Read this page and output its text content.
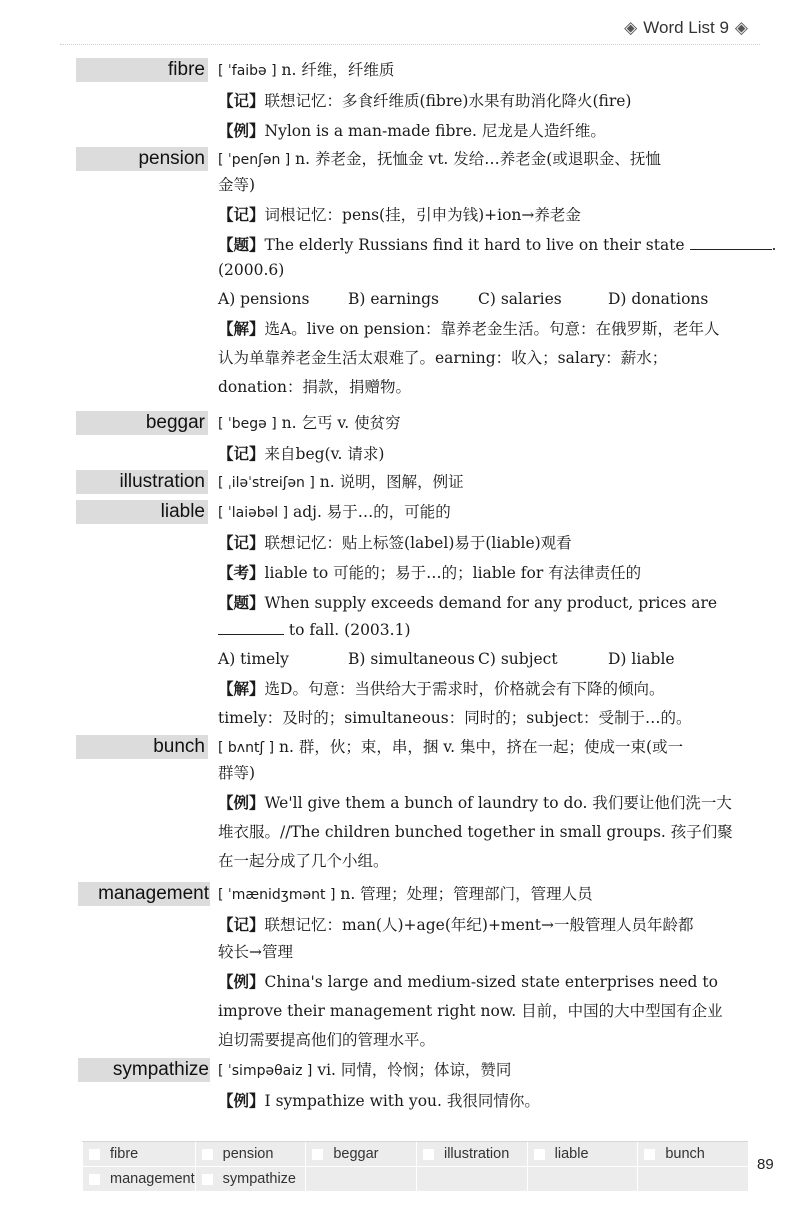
◈ Word List 9 ◈
fibre [ ˈfaibə ] n. 纤维，纤维质
【记】联想记忆：多食纤维质(fibre)水果有助消化降火(fire)
【例】Nylon is a man-made fibre. 尼龙是人造纤维。
pension [ ˈpenʃən ] n. 养老金，抚恤金 vt. 发给…养老金(或退职金、抚恤
金等)
【记】词根记忆：pens(挂，引申为钱)+ion→养老金
【题】The elderly Russians find it hard to live on their state	.
(2000.6)
A) pensions	B) earnings	C) salaries	D) donations
【解】选A。live on pension：靠养老金生活。句意：在俄罗斯，老年人
认为单靠养老金生活太艰难了。earning：收入；salary：薪水；
donation：捐款，捐赠物。
beggar [ ˈbegə ] n. 乞丐 v. 使贫穷
【记】来自beg(v. 请求)
illustration [ ˌiləˈstreiʃən ] n. 说明，图解，例证
liable [ ˈlaiəbəl ] adj. 易于…的，可能的
【记】联想记忆：贴上标签(label)易于(liable)观看
【考】liable to 可能的；易于…的；liable for 有法律责任的
【题】When supply exceeds demand for any product, prices are
to fall. (2003.1)
A) timely	B) simultaneous C) subject	D) liable
【解】选D。句意：当供给大于需求时，价格就会有下降的倾向。
timely：及时的；simultaneous：同时的；subject：受制于…的。
bunch [ bʌntʃ ] n. 群，伙；束，串，捆 v. 集中，挤在一起；使成一束(或一
群等)
【例】We'll give them a bunch of laundry to do. 我们要让他们洗一大
堆衣服。//The children bunched together in small groups. 孩子们聚
在一起分成了几个小组。
management [ ˈmænidʒmənt ] n. 管理；处理；管理部门，管理人员
【记】联想记忆：man(人)+age(年纪)+ment→一般管理人员年龄都
较长→管理
【例】China's large and medium-sized state enterprises need to
improve their management right now. 目前，中国的大中型国有企业
迫切需要提高他们的管理水平。
sympathize [ ˈsimpəθaiz ] vi. 同情，怜悯；体谅，赞同
【例】I sympathize with you. 我很同情你。
fibre	pension	beggar	illustration	liable	bunch
management sympathize
89
